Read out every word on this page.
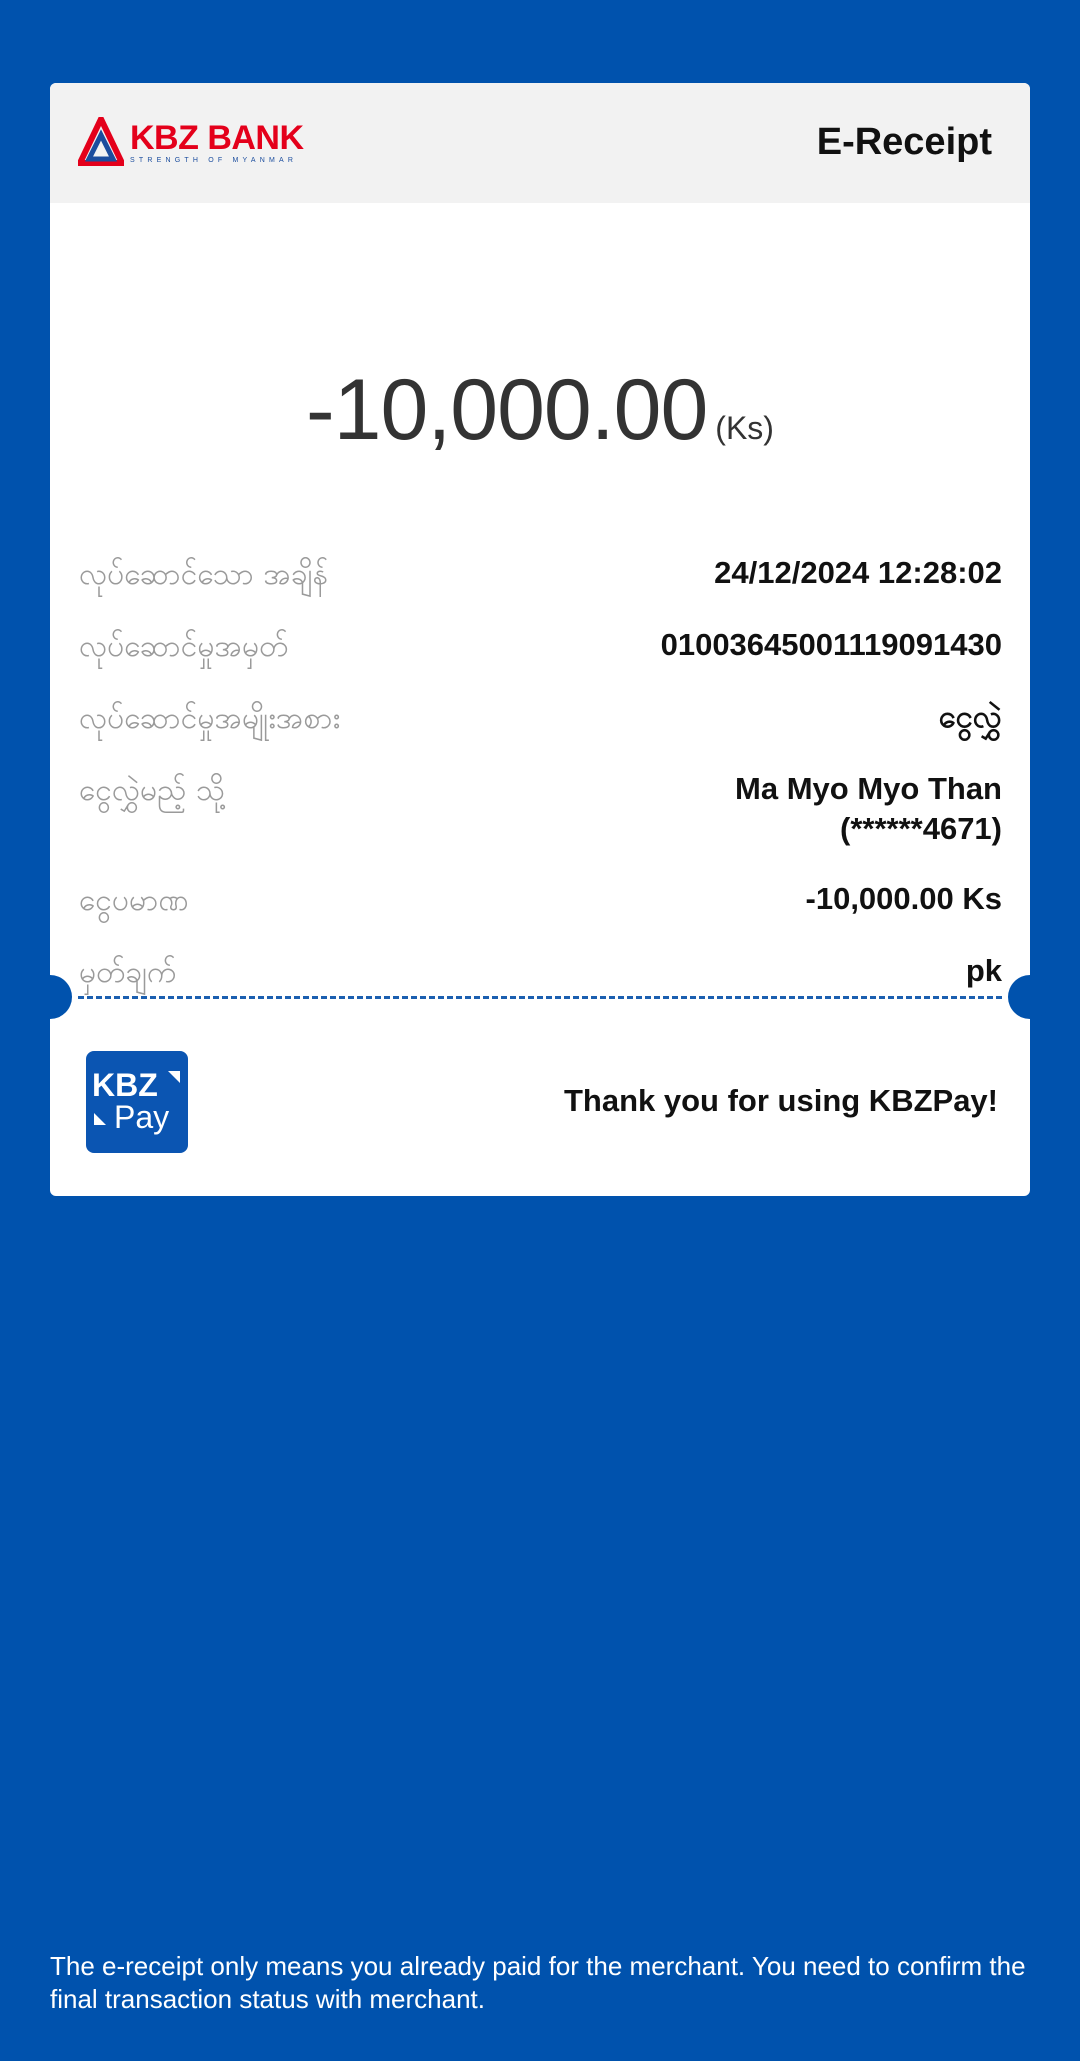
KBZ BANK
STRENGTH OF MYANMAR	E-Receipt
-10,000.00 (Ks)
လုပ်ဆောင်သော အချိန်	24/12/2024 12:28:02
လုပ်ဆောင်မှုအမှတ်	01003645001119091430
လုပ်ဆောင်မှုအမျိုးအစား	ငွေလွှဲ
ငွေလွှဲမည့် သို့	Ma Myo Myo Than
(******4671)
ငွေပမာဏ	-10,000.00 Ks
မှတ်ချက်	pk
KBZ
Pay	Thank you for using KBZPay!
The e-receipt only means you already paid for the merchant. You need to confirm the final transaction status with merchant.
